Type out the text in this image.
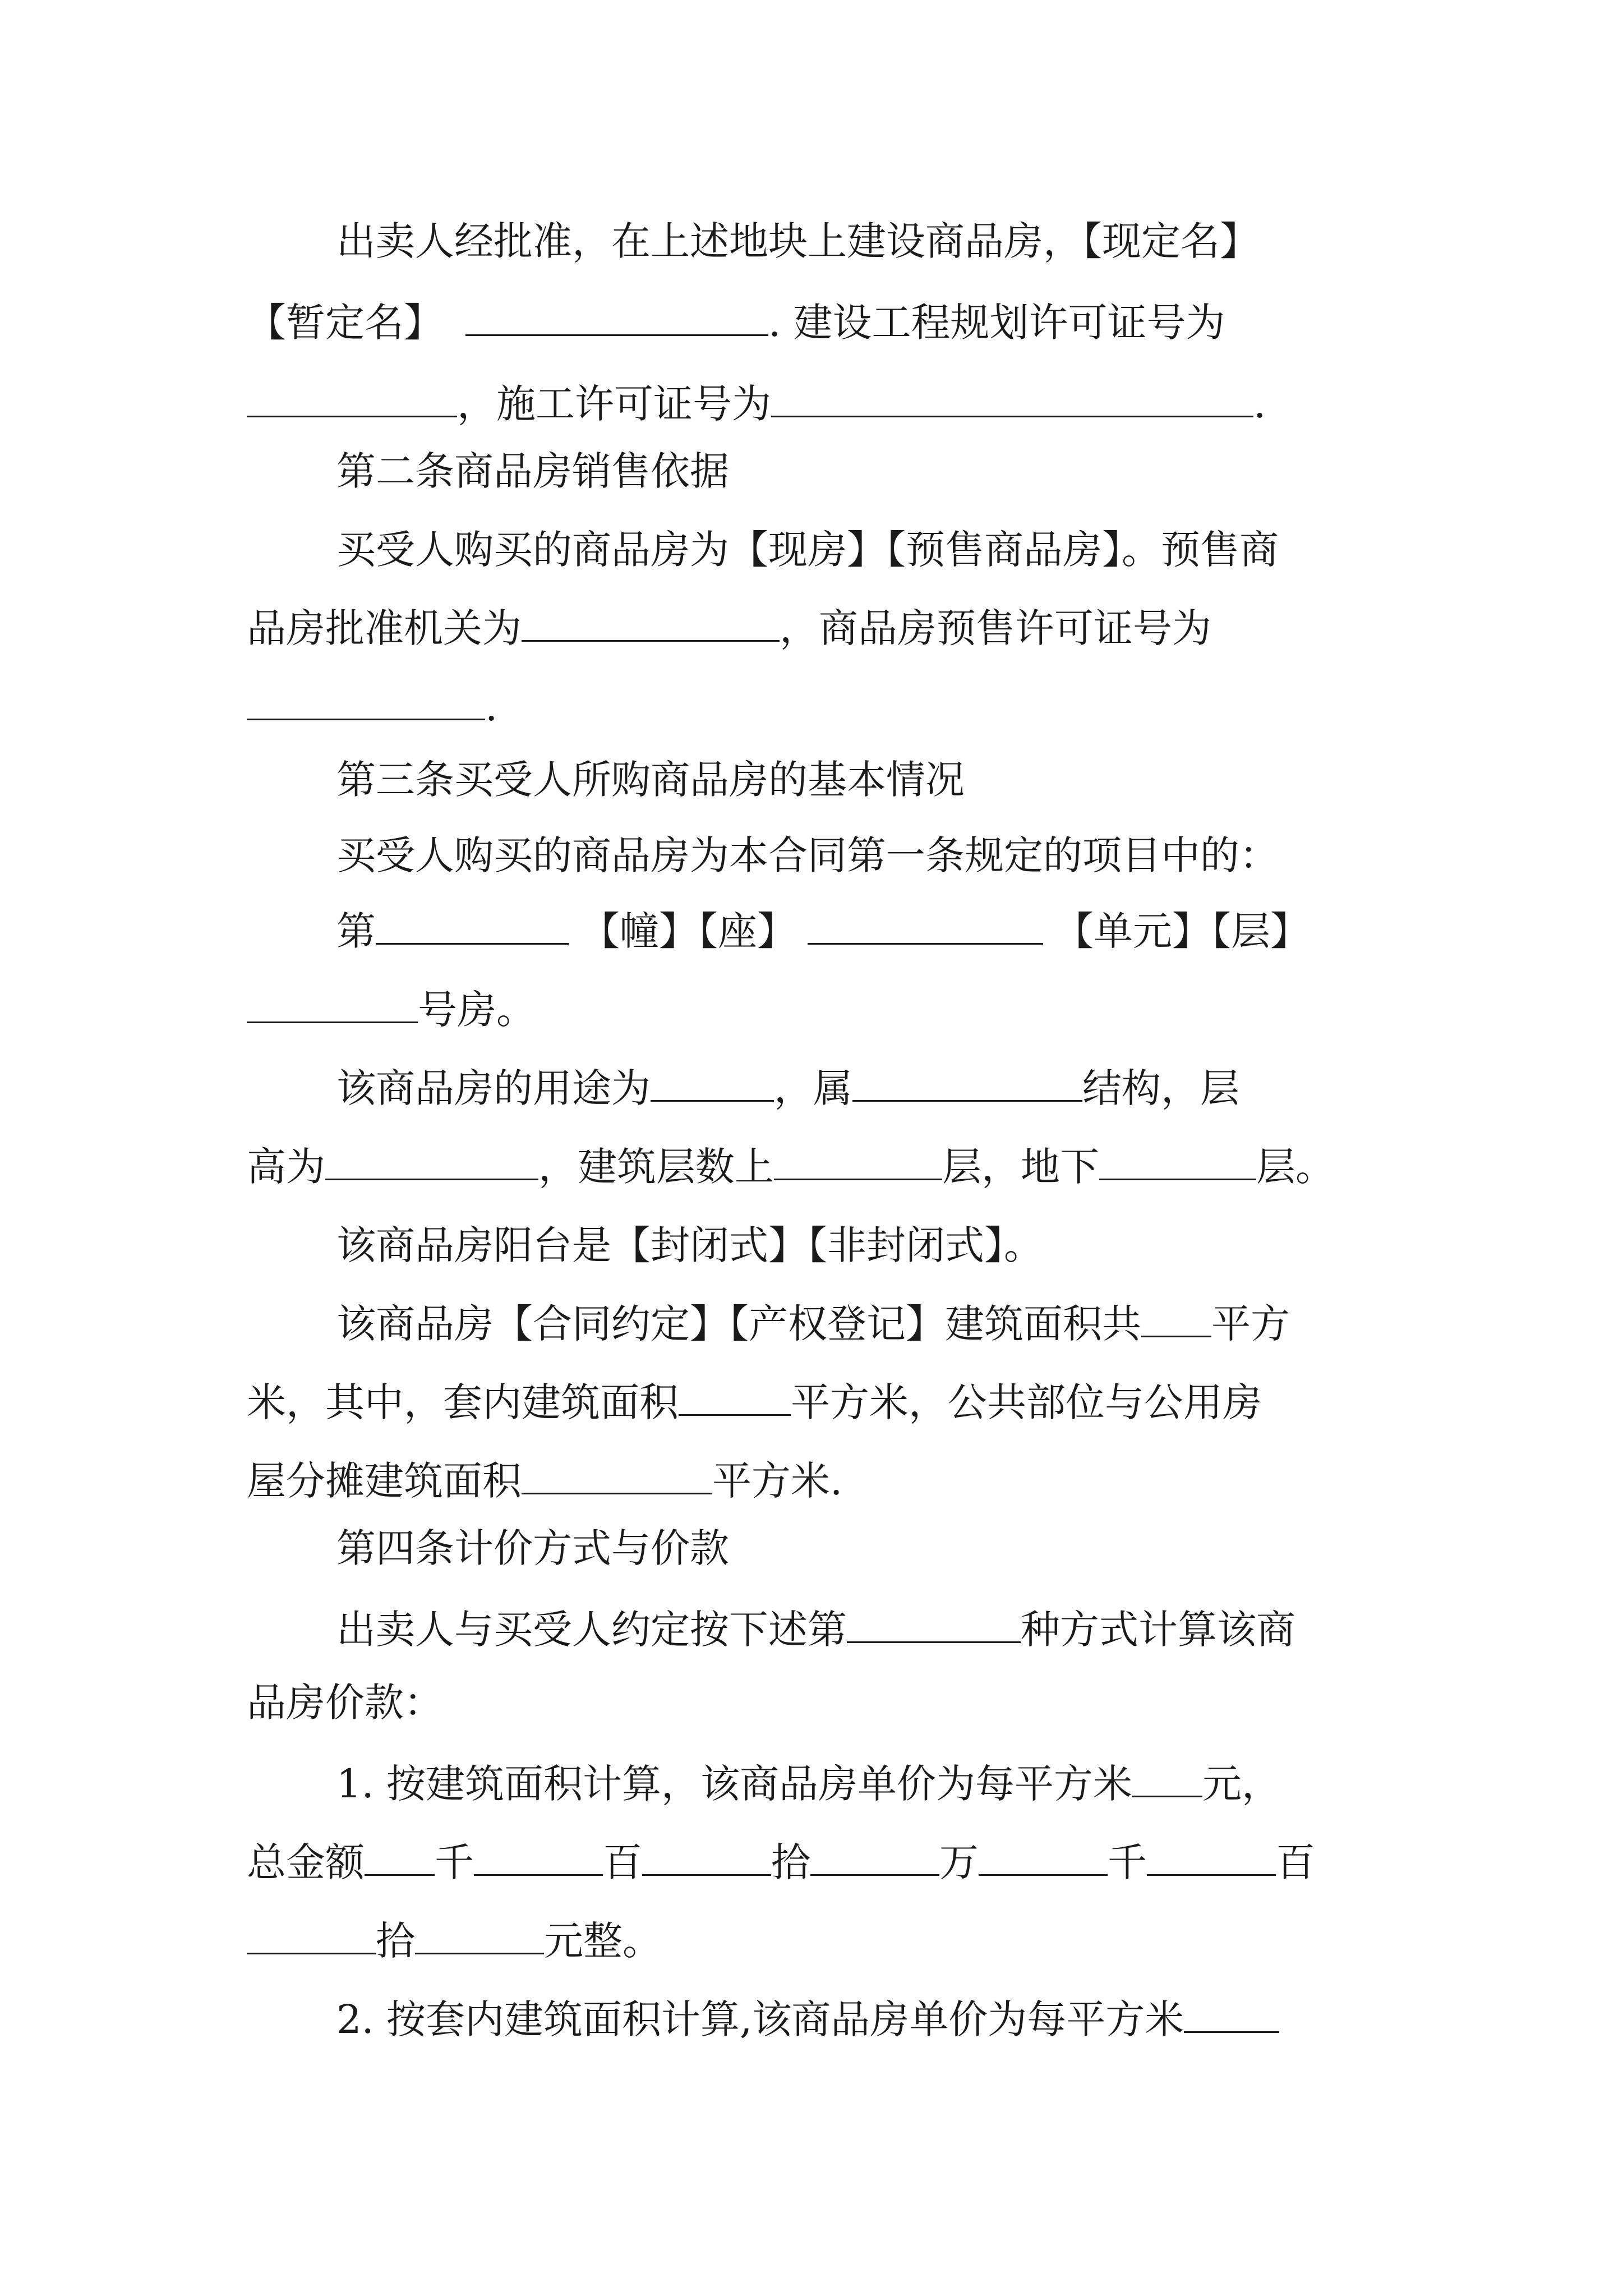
出卖人经批准，在上述地块上建设商品房，【现定名】
【暂定名】	. 建设工程规划许可证号为
，施工许可证号为	.
第二条商品房销售依据
买受人购买的商品房为【现房】【预售商品房】。预售商
品房批准机关为	，商品房预售许可证号为
.
第三条买受人所购商品房的基本情况
买受人购买的商品房为本合同第一条规定的项目中的：
第	【幢】【座】	【单元】【层】
号房。
该商品房的用途为	，属	结构，层
高为	，建筑层数上	层，地下	层。
该商品房阳台是【封闭式】【非封闭式】。
该商品房【合同约定】【产权登记】建筑面积共 平方
米，其中，套内建筑面积	平方米，公共部位与公用房
屋分摊建筑面积	平方米.
第四条计价方式与价款
出卖人与买受人约定按下述第	种方式计算该商
品房价款：
1. 按建筑面积计算，该商品房单价为每平方米 元，
总金额 千	百	拾	万	千	百
拾	元整。
2. 按套内建筑面积计算,该商品房单价为每平方米
